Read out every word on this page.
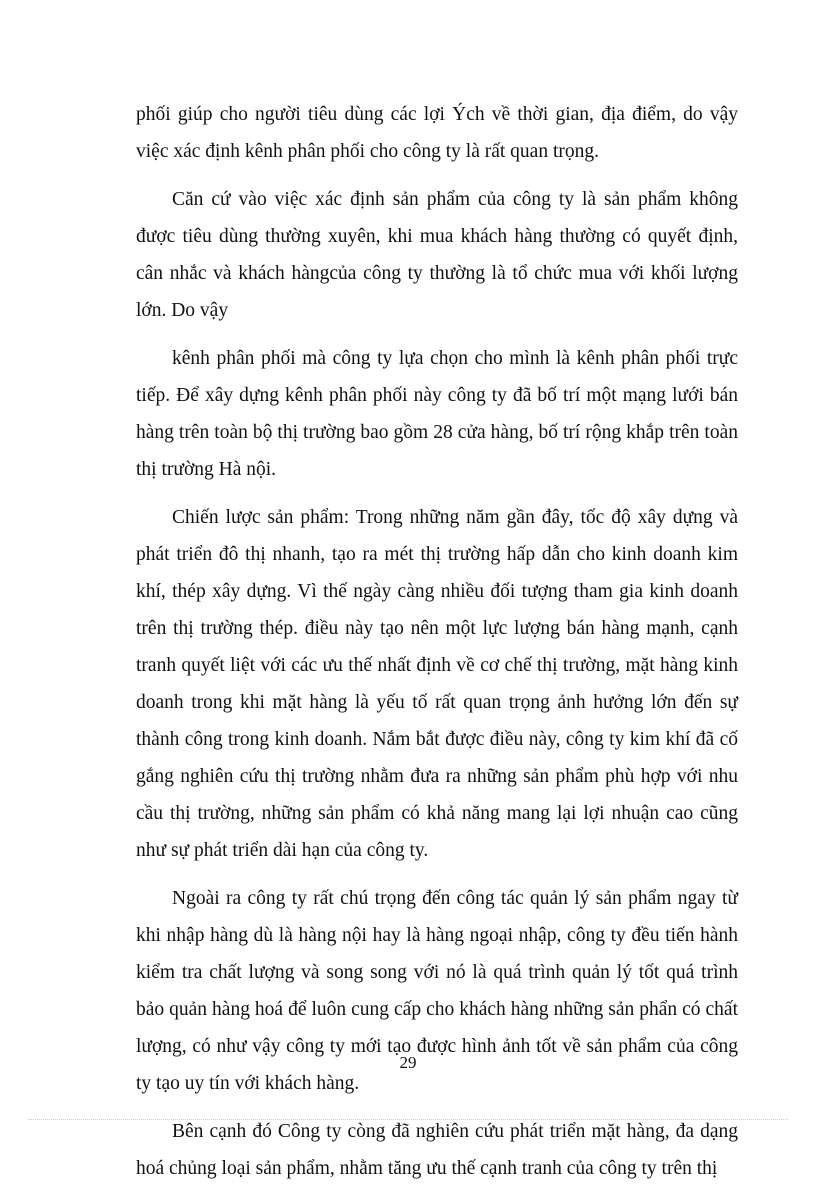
phối giúp cho người tiêu dùng các lợi Ých về thời gian, địa điểm, do vậy việc xác định kênh phân phối cho công ty là rất quan trọng.

Căn cứ vào việc xác định sản phẩm của công ty là sản phẩm không được tiêu dùng thường xuyên, khi mua khách hàng thường có quyết định, cân nhắc và khách hàngcủa công ty thường là tổ chức mua với khối lượng lớn. Do vậy

kênh phân phối mà công ty lựa chọn cho mình là kênh phân phối trực tiếp. Để xây dựng kênh phân phối này công ty đã bố trí một mạng lưới bán hàng trên toàn bộ thị trường bao gồm 28 cửa hàng, bố trí rộng khắp trên toàn thị trường Hà nội.

Chiến lược sản phẩm: Trong những năm gần đây, tốc độ xây dựng và phát triển đô thị nhanh, tạo ra mét thị trường hấp dẫn cho kinh doanh kim khí, thép xây dựng. Vì thế ngày càng nhiều đối tượng tham gia kinh doanh trên thị trường thép. điều này tạo nên một lực lượng bán hàng mạnh, cạnh tranh quyết liệt với các ưu thế nhất định về cơ chế thị trường, mặt hàng kinh doanh trong khi mặt hàng là yếu tố rất quan trọng ảnh hưởng lớn đến sự thành công trong kinh doanh. Nắm bắt được điều này, công ty kim khí đã cố gắng nghiên cứu thị trường nhằm đưa ra những sản phẩm phù hợp với nhu cầu thị trường, những sản phẩm có khả năng mang lại lợi nhuận cao cũng như sự phát triển dài hạn của công ty.

Ngoài ra công ty rất chú trọng đến công tác quản lý sản phẩm ngay từ khi nhập hàng dù là hàng nội hay là hàng ngoại nhập, công ty đều tiến hành kiểm tra chất lượng và song song với nó là quá trình quản lý tốt quá trình bảo quản hàng hoá để luôn cung cấp cho khách hàng những sản phẩn có chất lượng, có như vậy công ty mới tạo được hình ảnh tốt về sản phẩm của công ty tạo uy tín với khách hàng.

Bên cạnh đó Công ty còng đã nghiên cứu phát triển mặt hàng, đa dạng hoá chủng loại sản phẩm, nhằm tăng ưu thế cạnh tranh của công ty trên thị

29
